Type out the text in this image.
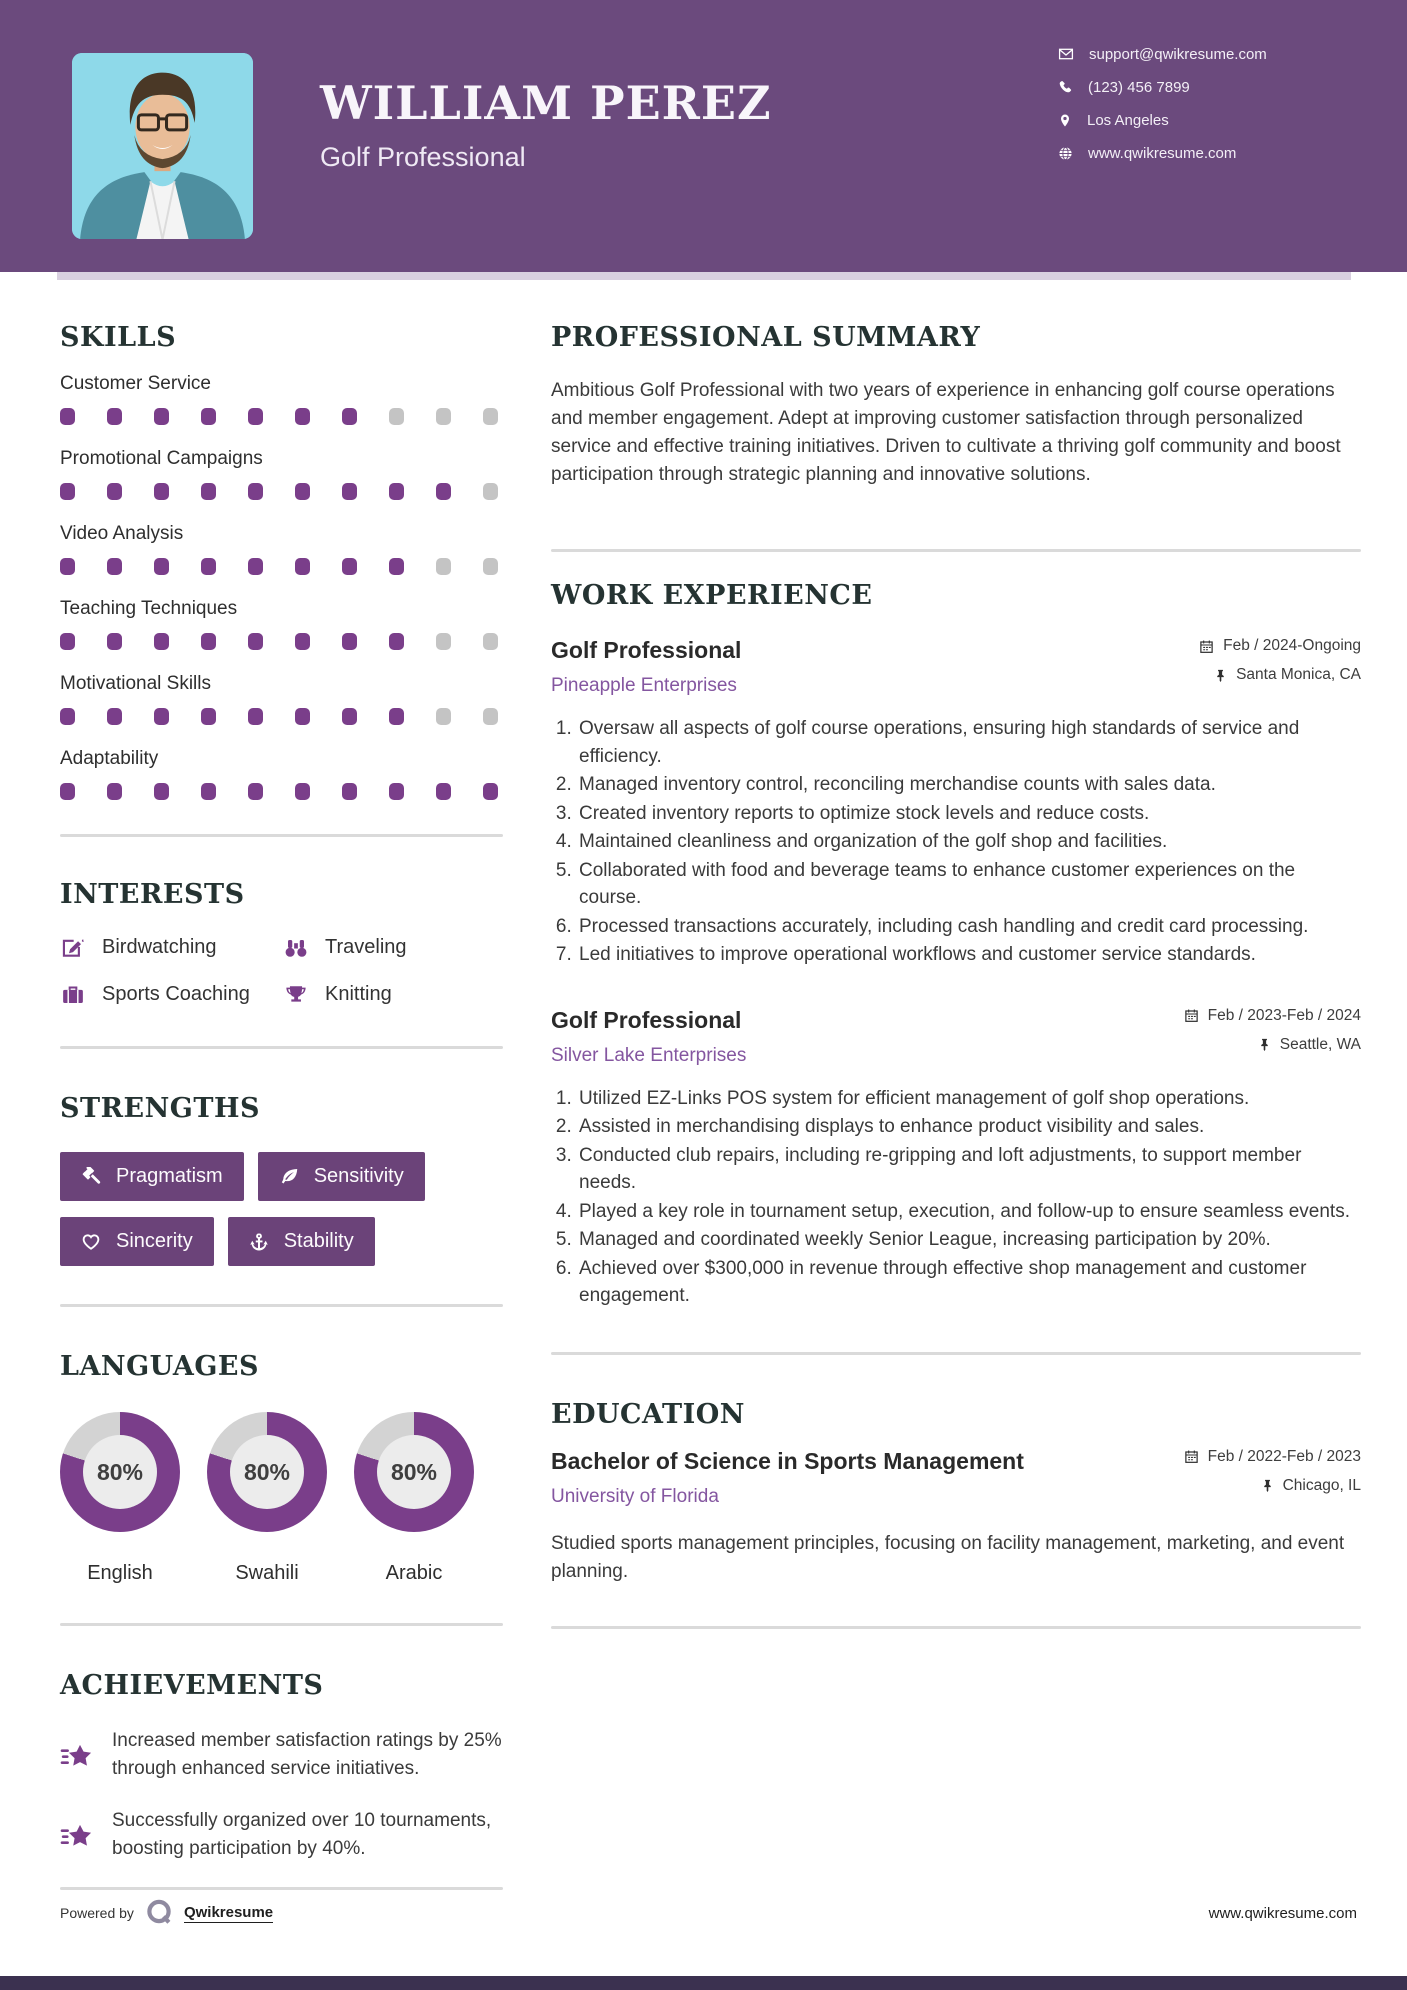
WILLIAM PEREZ
Golf Professional
support@qwikresume.com
(123) 456 7899
Los Angeles
www.qwikresume.com
SKILLS
Customer Service
Promotional Campaigns
Video Analysis
Teaching Techniques
Motivational Skills
Adaptability
INTERESTS
Birdwatching	Traveling
Sports Coaching	Knitting
STRENGTHS
Pragmatism	Sensitivity
Sincerity	Stability
LANGUAGES
80%
English
80%
Swahili
80%
Arabic
ACHIEVEMENTS

Increased member satisfaction ratings by 25% through enhanced service initiatives.

Successfully organized over 10 tournaments, boosting participation by 40%.

PROFESSIONAL SUMMARY

Ambitious Golf Professional with two years of experience in enhancing golf course operations and member engagement. Adept at improving customer satisfaction through personalized service and effective training initiatives. Driven to cultivate a thriving golf community and boost participation through strategic planning and innovative solutions.

WORK EXPERIENCE
Golf Professional
Pineapple Enterprises
Feb / 2024-Ongoing
Santa Monica, CA
1. Oversaw all aspects of golf course operations, ensuring high standards of service and efficiency.
2. Managed inventory control, reconciling merchandise counts with sales data.
3. Created inventory reports to optimize stock levels and reduce costs.
4. Maintained cleanliness and organization of the golf shop and facilities.
5. Collaborated with food and beverage teams to enhance customer experiences on the course.
6. Processed transactions accurately, including cash handling and credit card processing.
7. Led initiatives to improve operational workflows and customer service standards.
Golf Professional
Silver Lake Enterprises
Feb / 2023-Feb / 2024
Seattle, WA
1. Utilized EZ-Links POS system for efficient management of golf shop operations.
2. Assisted in merchandising displays to enhance product visibility and sales.
3. Conducted club repairs, including re-gripping and loft adjustments, to support member needs.
4. Played a key role in tournament setup, execution, and follow-up to ensure seamless events.
5. Managed and coordinated weekly Senior League, increasing participation by 20%.
6. Achieved over $300,000 in revenue through effective shop management and customer engagement.
EDUCATION
Bachelor of Science in Sports Management
University of Florida
Feb / 2022-Feb / 2023
Chicago, IL

Studied sports management principles, focusing on facility management, marketing, and event planning.

Powered by	Qwikresume	www.qwikresume.com
